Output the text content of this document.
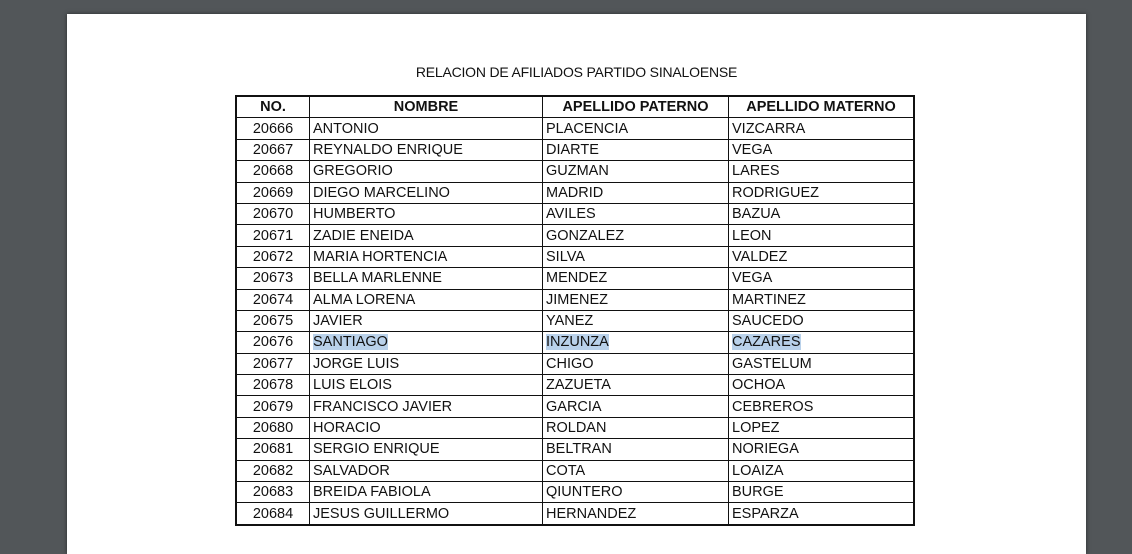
RELACION DE AFILIADOS PARTIDO SINALOENSE
NO.	NOMBRE	APELLIDO PATERNO	APELLIDO MATERNO
20666	ANTONIO	PLACENCIA	VIZCARRA
20667	REYNALDO ENRIQUE	DIARTE	VEGA
20668	GREGORIO	GUZMAN	LARES
20669	DIEGO MARCELINO	MADRID	RODRIGUEZ
20670	HUMBERTO	AVILES	BAZUA
20671	ZADIE ENEIDA	GONZALEZ	LEON
20672	MARIA HORTENCIA	SILVA	VALDEZ
20673	BELLA MARLENNE	MENDEZ	VEGA
20674	ALMA LORENA	JIMENEZ	MARTINEZ
20675	JAVIER	YANEZ	SAUCEDO
20676	SANTIAGO	INZUNZA	CAZARES
20677	JORGE LUIS	CHIGO	GASTELUM
20678	LUIS ELOIS	ZAZUETA	OCHOA
20679	FRANCISCO JAVIER	GARCIA	CEBREROS
20680	HORACIO	ROLDAN	LOPEZ
20681	SERGIO ENRIQUE	BELTRAN	NORIEGA
20682	SALVADOR	COTA	LOAIZA
20683	BREIDA FABIOLA	QIUNTERO	BURGE
20684	JESUS GUILLERMO	HERNANDEZ	ESPARZA
